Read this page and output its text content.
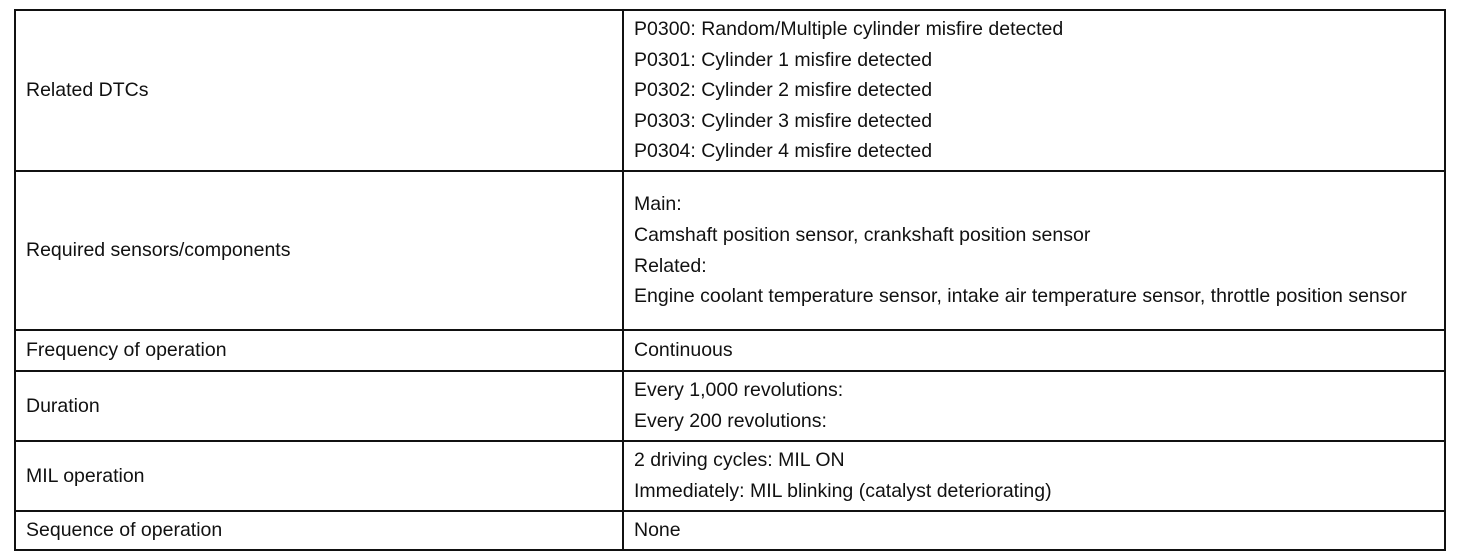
Related DTCs	P0300: Random/Multiple cylinder misfire detected
P0301: Cylinder 1 misfire detected
P0302: Cylinder 2 misfire detected
P0303: Cylinder 3 misfire detected
P0304: Cylinder 4 misfire detected

Required sensors/components	Main:
Camshaft position sensor, crankshaft position sensor
Related:
Engine coolant temperature sensor, intake air temperature sensor, throttle position sensor

Frequency of operation	Continuous

Duration	Every 1,000 revolutions:
Every 200 revolutions:

MIL operation	2 driving cycles: MIL ON
Immediately: MIL blinking (catalyst deteriorating)

Sequence of operation	None
